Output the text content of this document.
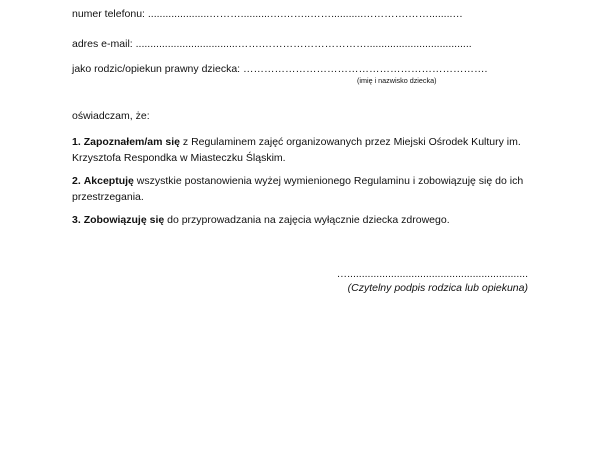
numer telefonu: .....................………..........….……..……...........………….……........…
adres e-mail: ...................................…….…………………………....................................
jako rodzic/opiekun prawny dziecka: …………………………………………………………….
(imię i nazwisko dziecka)
oświadczam, że:
1. Zapoznałem/am się z Regulaminem zajęć organizowanych przez Miejski Ośrodek Kultury im. Krzysztofa Respondka w Miasteczku Śląskim.
2. Akceptuję wszystkie postanowienia wyżej wymienionego Regulaminu i zobowiązuję się do ich przestrzegania.
3. Zobowiązuję się do przyprowadzania na zajęcia wyłącznie dziecka zdrowego.
…..............................................................
(Czytelny podpis rodzica lub opiekuna)
